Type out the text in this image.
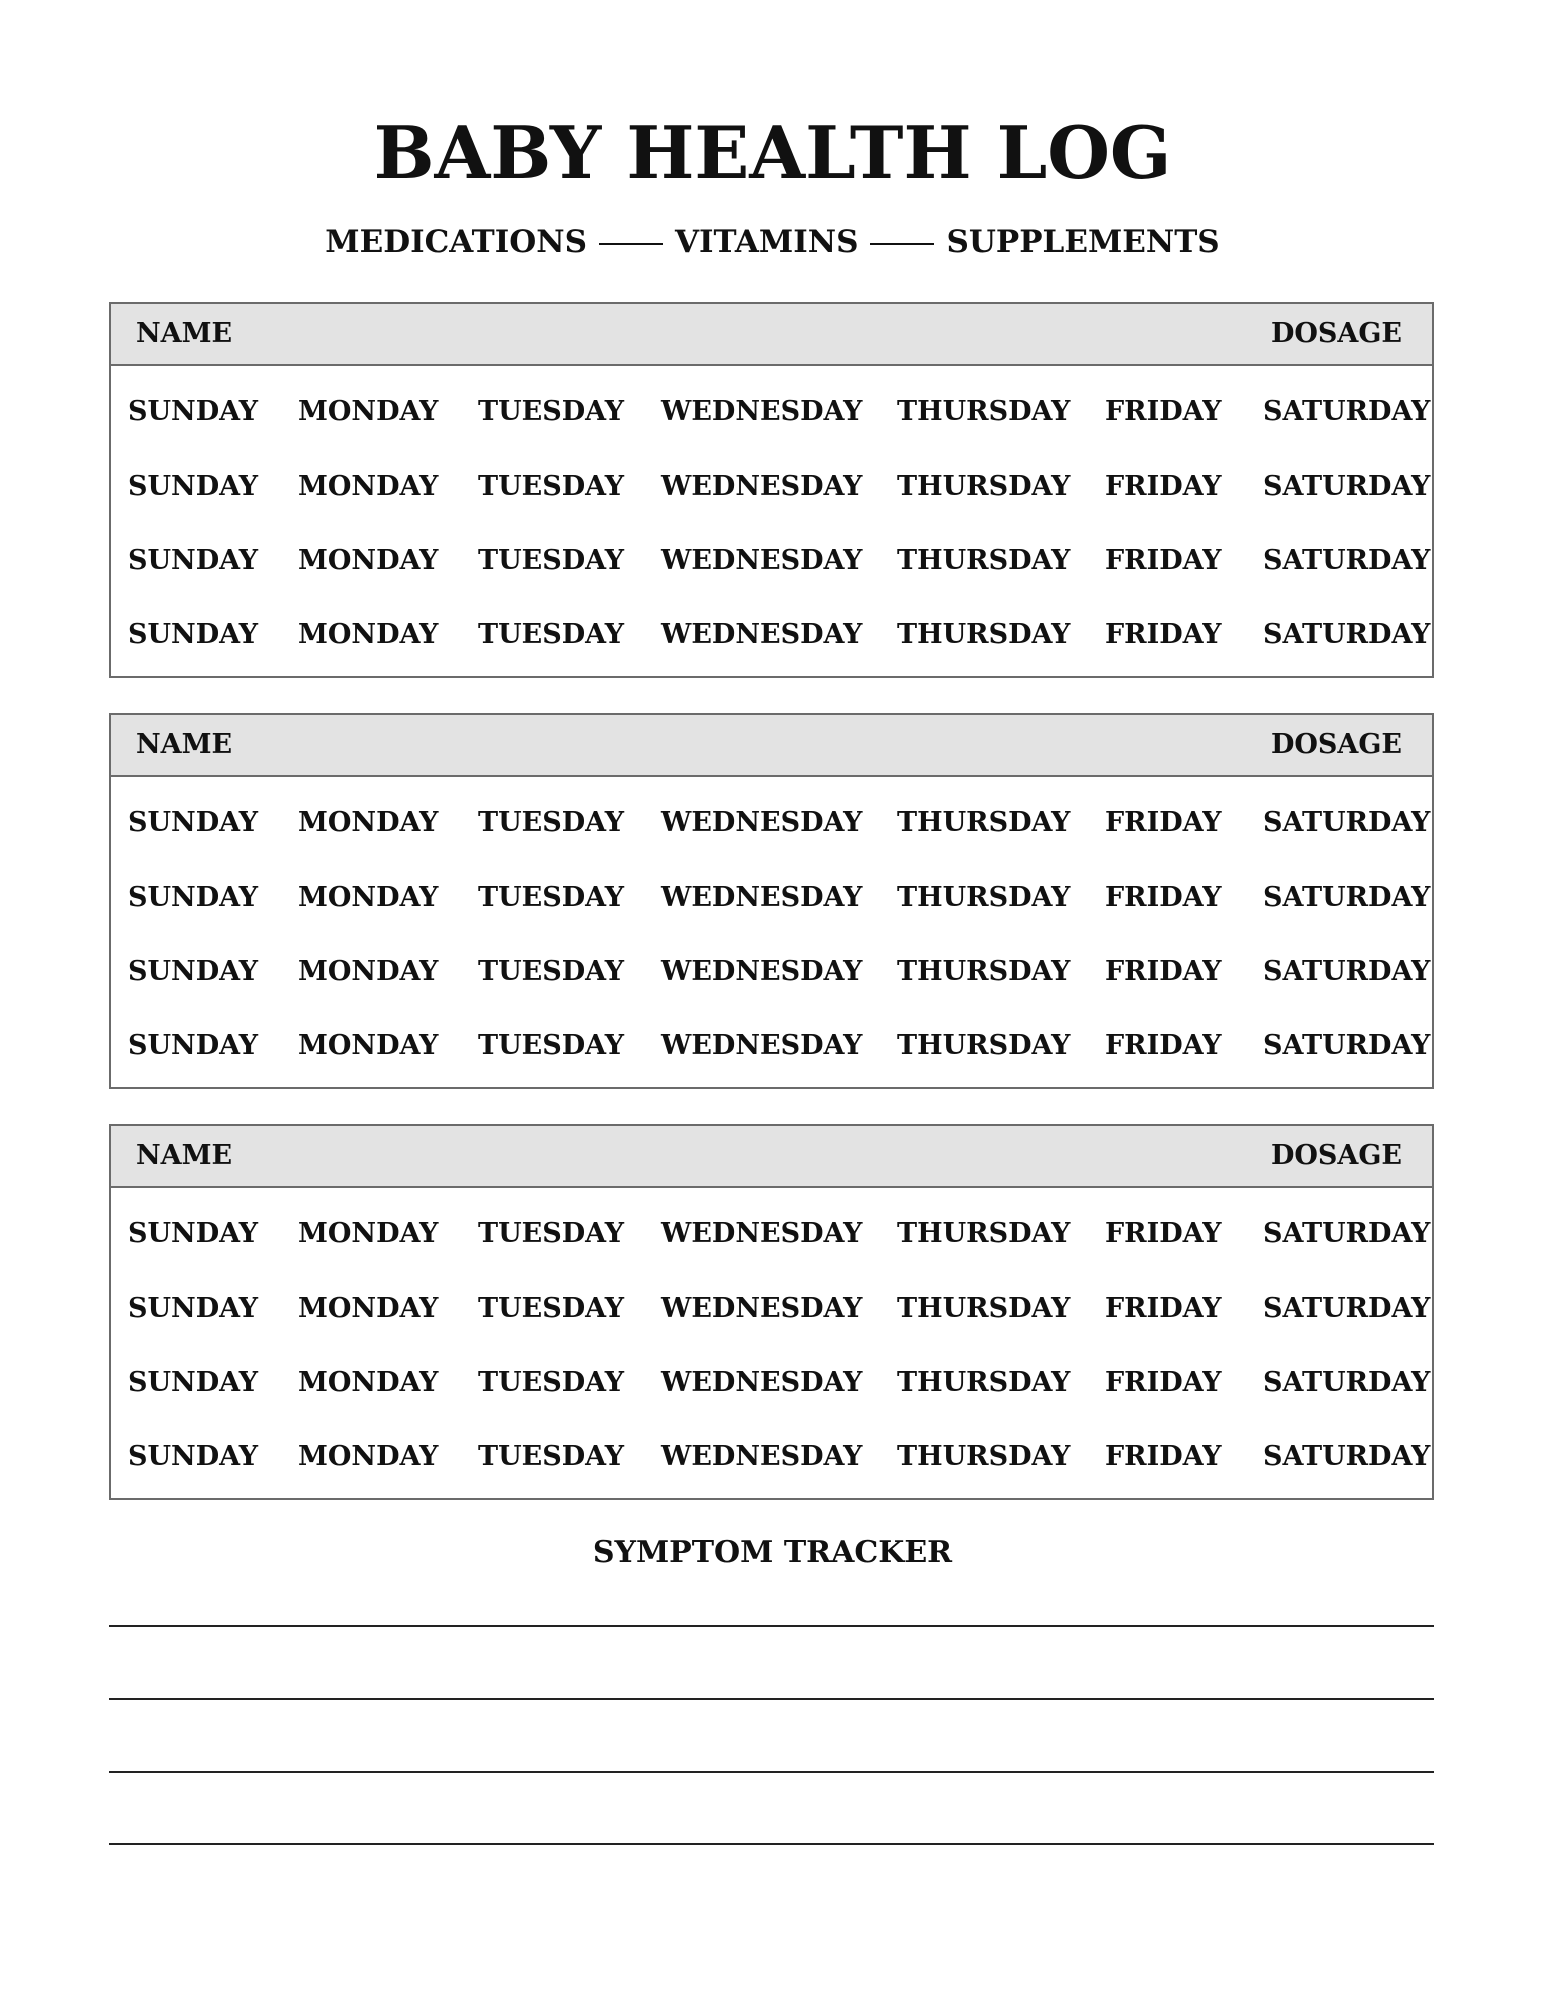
BABY HEALTH LOG
MEDICATIONS	VITAMINS	SUPPLEMENTS
NAME	DOSAGE
SUNDAY MONDAY TUESDAY WEDNESDAY THURSDAY FRIDAY SATURDAY
SUNDAY MONDAY TUESDAY WEDNESDAY THURSDAY FRIDAY SATURDAY
SUNDAY MONDAY TUESDAY WEDNESDAY THURSDAY FRIDAY SATURDAY
SUNDAY MONDAY TUESDAY WEDNESDAY THURSDAY FRIDAY SATURDAY
NAME	DOSAGE
SUNDAY MONDAY TUESDAY WEDNESDAY THURSDAY FRIDAY SATURDAY
SUNDAY MONDAY TUESDAY WEDNESDAY THURSDAY FRIDAY SATURDAY
SUNDAY MONDAY TUESDAY WEDNESDAY THURSDAY FRIDAY SATURDAY
SUNDAY MONDAY TUESDAY WEDNESDAY THURSDAY FRIDAY SATURDAY
NAME	DOSAGE
SUNDAY MONDAY TUESDAY WEDNESDAY THURSDAY FRIDAY SATURDAY
SUNDAY MONDAY TUESDAY WEDNESDAY THURSDAY FRIDAY SATURDAY
SUNDAY MONDAY TUESDAY WEDNESDAY THURSDAY FRIDAY SATURDAY
SUNDAY MONDAY TUESDAY WEDNESDAY THURSDAY FRIDAY SATURDAY
SYMPTOM TRACKER
